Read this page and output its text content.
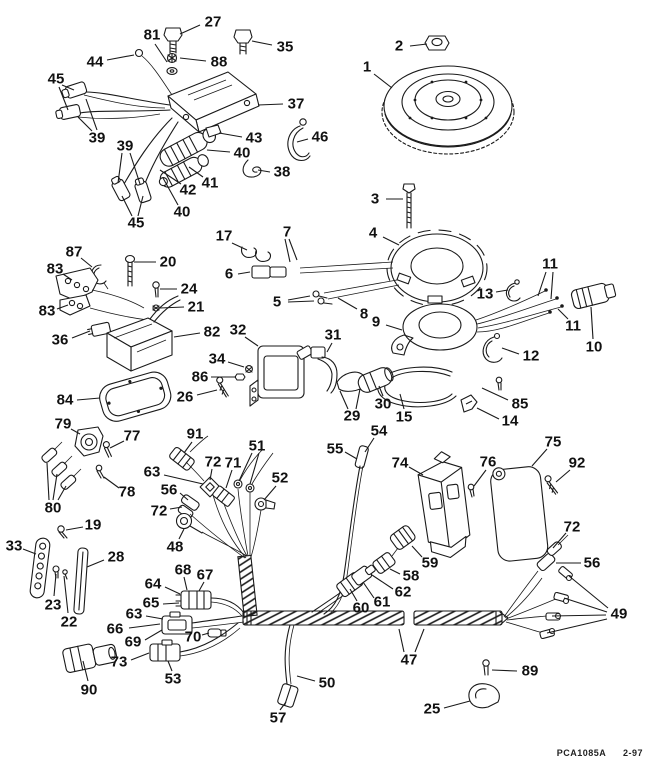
27
81
35
88
44
45
2
1
37
39 39	43	46
40
38
41
42
40
45
3
17	7	4
6
5
8 9
13
11
11
10
12
87
83	20
24
21
83
36	82 32	31
34
86
26
84
29
30
15
85
14
79
77	91
63
72 71
51
52
56
78
72
80
19
48
33
28
55
54
74	76
75
92
72
56
59
58
62
61
60
68 67
64
65
63
66
69	70
73
53
23
22
90
47
50
57
49
89
25
PCA1085A 2-97
